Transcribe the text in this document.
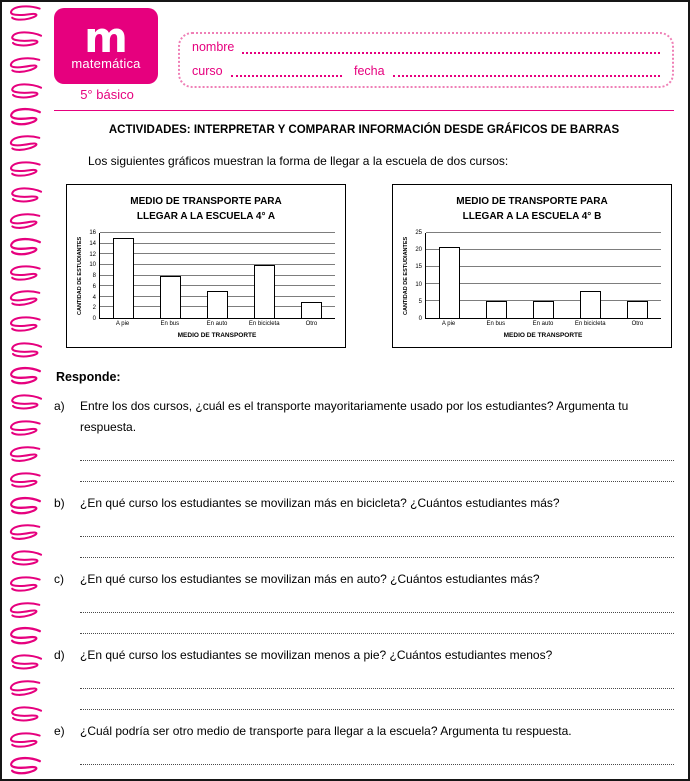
m
matemática
5° básico
nombre
curso	fecha
ACTIVIDADES: INTERPRETAR Y COMPARAR INFORMACIÓN DESDE GRÁFICOS DE BARRAS

Los siguientes gráficos muestran la forma de llegar a la escuela de dos cursos:

MEDIO DE TRANSPORTE PARA
LLEGAR A LA ESCUELA 4° A
CANTIDAD DE ESTUDIANTES
0
2
4
6
8
10
12
14
16
A pie	En bus	En auto	En bicicleta	Otro
MEDIO DE TRANSPORTE
MEDIO DE TRANSPORTE PARA
LLEGAR A LA ESCUELA 4° B
CANTIDAD DE ESTUDIANTES
0
5
10
15
20
25
A pie	En bus	En auto	En bicicleta	Otro
MEDIO DE TRANSPORTE
Responde:
a)	Entre los dos cursos, ¿cuál es el transporte mayoritariamente usado por los estudiantes? Argumenta tu respuesta.
b)	¿En qué curso los estudiantes se movilizan más en bicicleta? ¿Cuántos estudiantes más?
c)	¿En qué curso los estudiantes se movilizan más en auto? ¿Cuántos estudiantes más?
d)	¿En qué curso los estudiantes se movilizan menos a pie? ¿Cuántos estudiantes menos?
e)	¿Cuál podría ser otro medio de transporte para llegar a la escuela? Argumenta tu respuesta.
